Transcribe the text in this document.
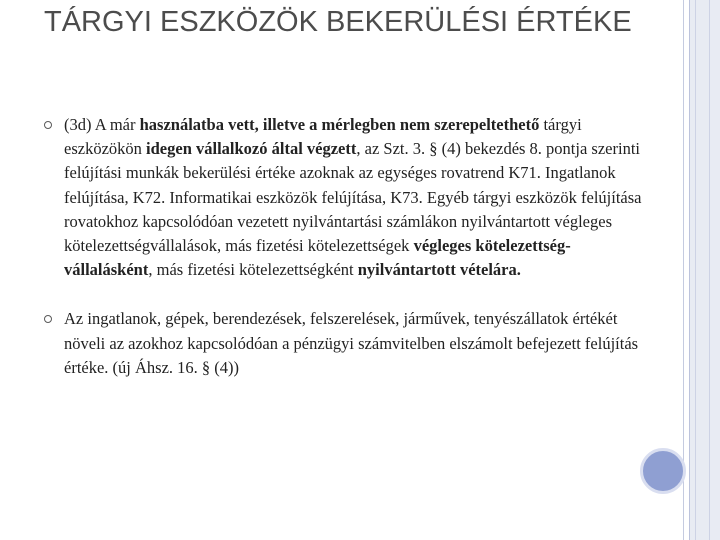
TÁRGYI ESZKÖZÖK BEKERÜLÉSI ÉRTÉKE
(3d) A már használatba vett, illetve a mérlegben nem szerepeltethető tárgyi eszközökön idegen vállalkozó által végzett, az Szt. 3. § (4) bekezdés 8. pontja szerinti felújítási munkák bekerülési értéke azoknak az egységes rovatrend K71. Ingatlanok felújítása, K72. Informatikai eszközök felújítása, K73. Egyéb tárgyi eszközök felújítása rovatokhoz kapcsolódóan vezetett nyilvántartási számlákon nyilvántartott végleges kötelezettségvállalások, más fizetési kötelezettségek végleges kötelezettség-vállalásként, más fizetési kötelezettségként nyilvántartott vételára.
Az ingatlanok, gépek, berendezések, felszerelések, járművek, tenyészállatok értékét növeli az azokhoz kapcsolódóan a pénzügyi számvitelben elszámolt befejezett felújítás értéke. (új Áhsz. 16. § (4))
